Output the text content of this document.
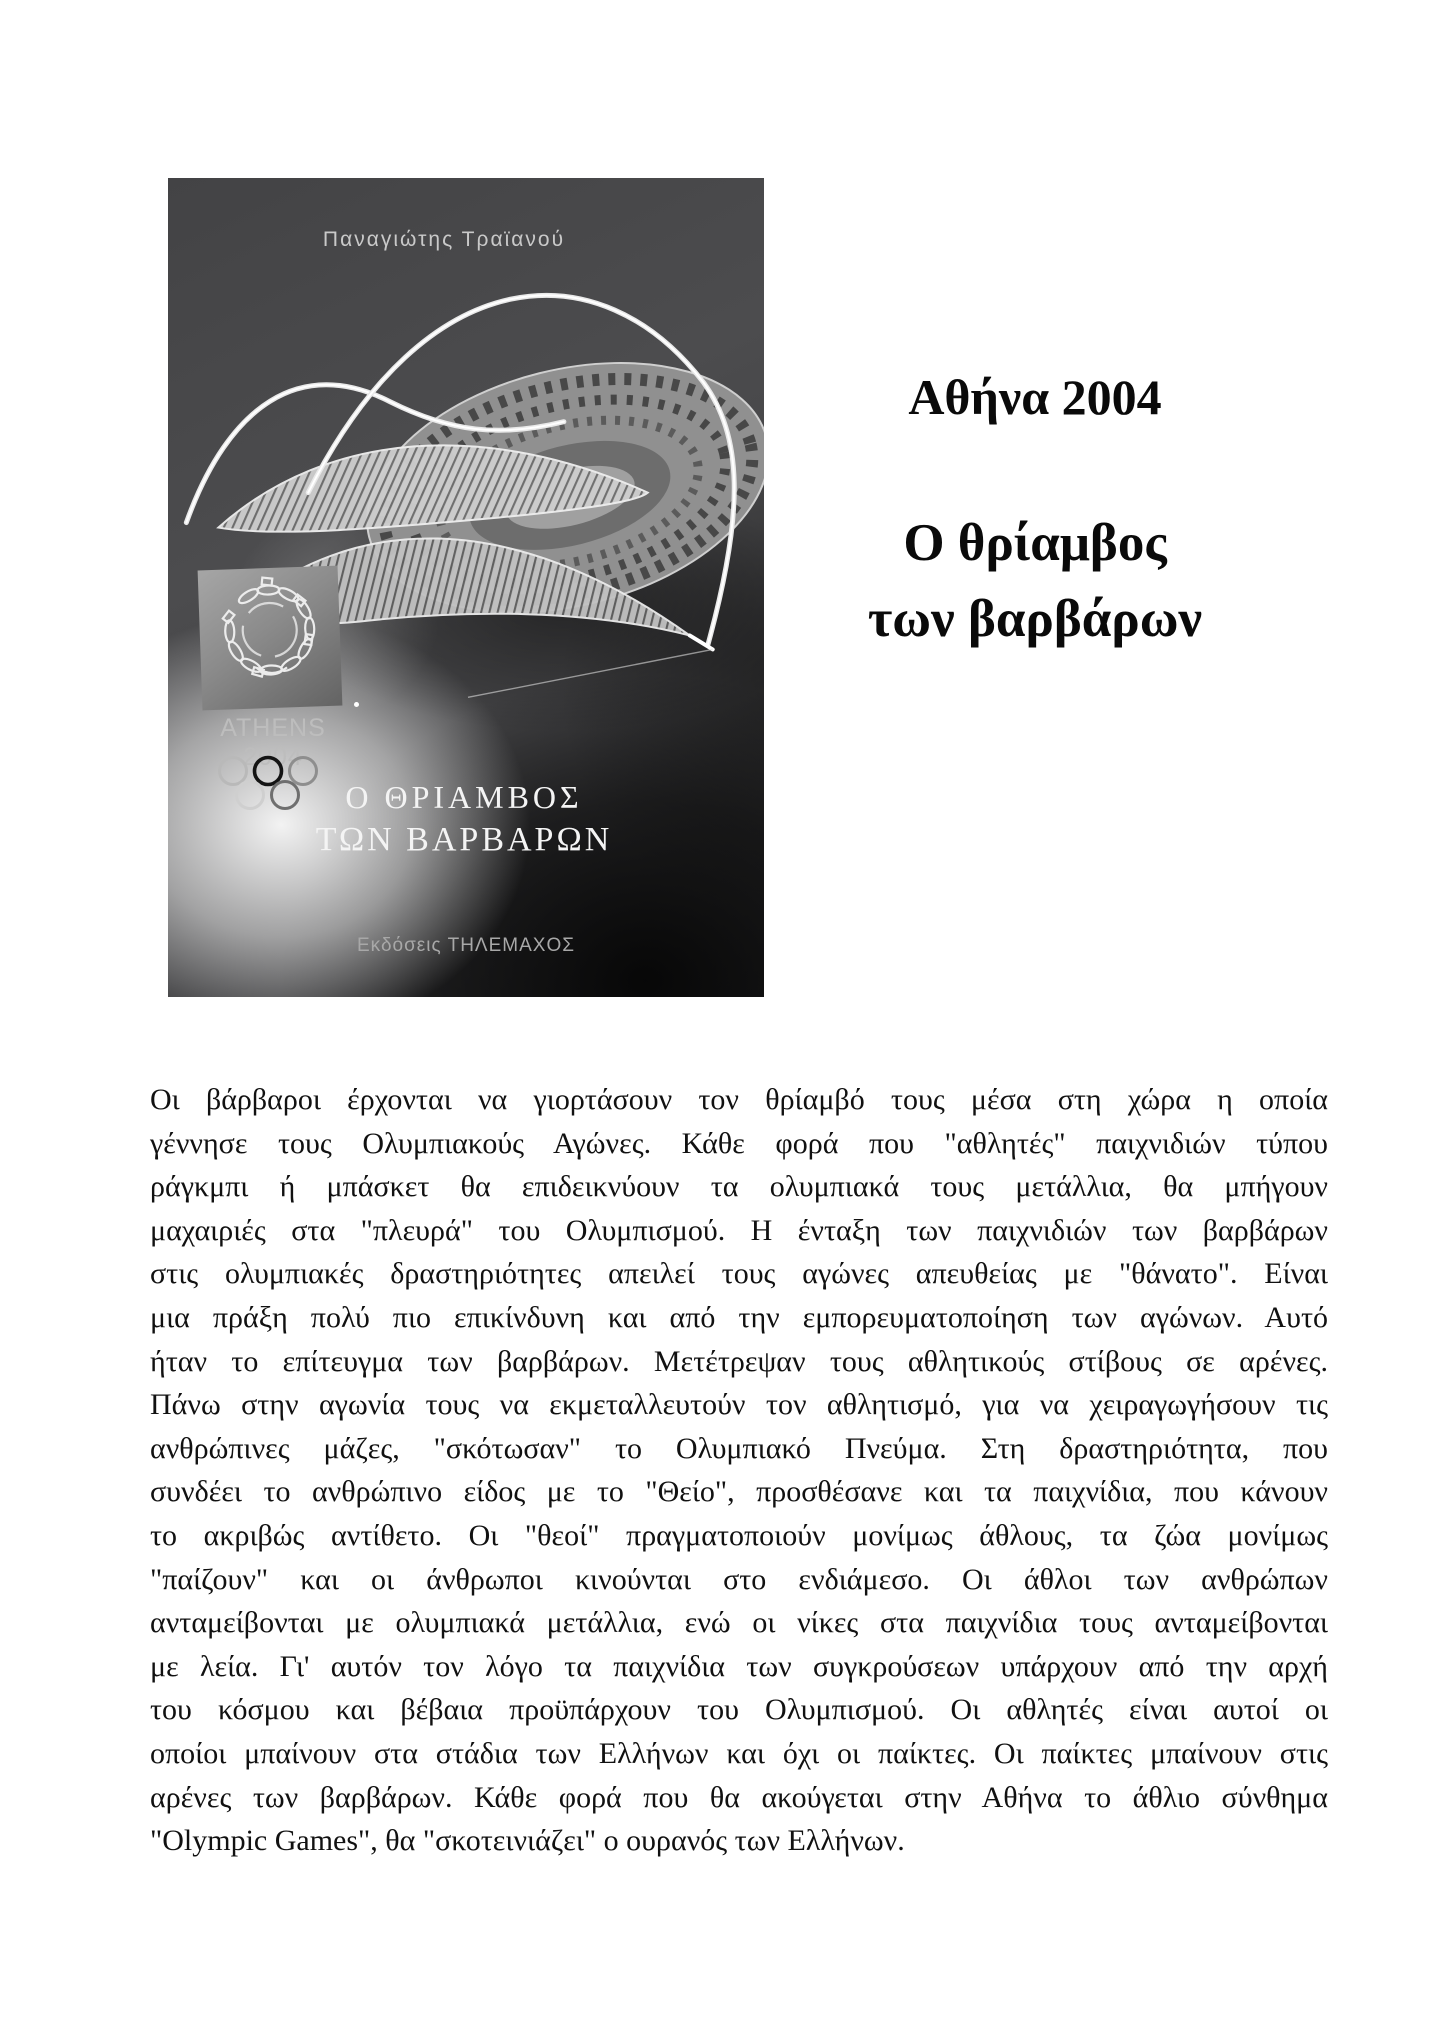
Παναγιώτης Τραϊανού
ATHENS 2004
Ο ΘΡΙΑΜΒΟΣ
ΤΩΝ ΒΑΡΒΑΡΩΝ
Εκδόσεις ΤΗΛΕΜΑΧΟΣ
Αθήνα 2004
Ο θρίαμβος
των βαρβάρων
Οι βάρβαροι έρχονται να γιορτάσουν τον θρίαμβό τους μέσα στη χώρα η οποία
γέννησε τους Ολυμπιακούς Αγώνες. Κάθε φορά που "αθλητές" παιχνιδιών τύπου
ράγκμπι ή μπάσκετ θα επιδεικνύουν τα ολυμπιακά τους μετάλλια, θα μπήγουν
μαχαιριές στα "πλευρά" του Ολυμπισμού. Η ένταξη των παιχνιδιών των βαρβάρων
στις ολυμπιακές δραστηριότητες απειλεί τους αγώνες απευθείας με "θάνατο". Είναι
μια πράξη πολύ πιο επικίνδυνη και από την εμπορευματοποίηση των αγώνων. Αυτό
ήταν το επίτευγμα των βαρβάρων. Μετέτρεψαν τους αθλητικούς στίβους σε αρένες.
Πάνω στην αγωνία τους να εκμεταλλευτούν τον αθλητισμό, για να χειραγωγήσουν τις
ανθρώπινες μάζες, "σκότωσαν" το Ολυμπιακό Πνεύμα. Στη δραστηριότητα, που
συνδέει το ανθρώπινο είδος με το "Θείο", προσθέσανε και τα παιχνίδια, που κάνουν
το ακριβώς αντίθετο. Οι "θεοί" πραγματοποιούν μονίμως άθλους, τα ζώα μονίμως
"παίζουν" και οι άνθρωποι κινούνται στο ενδιάμεσο. Οι άθλοι των ανθρώπων
ανταμείβονται με ολυμπιακά μετάλλια, ενώ οι νίκες στα παιχνίδια τους ανταμείβονται
με λεία. Γι' αυτόν τον λόγο τα παιχνίδια των συγκρούσεων υπάρχουν από την αρχή
του κόσμου και βέβαια προϋπάρχουν του Ολυμπισμού. Οι αθλητές είναι αυτοί οι
οποίοι μπαίνουν στα στάδια των Ελλήνων και όχι οι παίκτες. Οι παίκτες μπαίνουν στις
αρένες των βαρβάρων. Κάθε φορά που θα ακούγεται στην Αθήνα το άθλιο σύνθημα
"Olympic Games", θα "σκοτεινιάζει" ο ουρανός των Ελλήνων.
